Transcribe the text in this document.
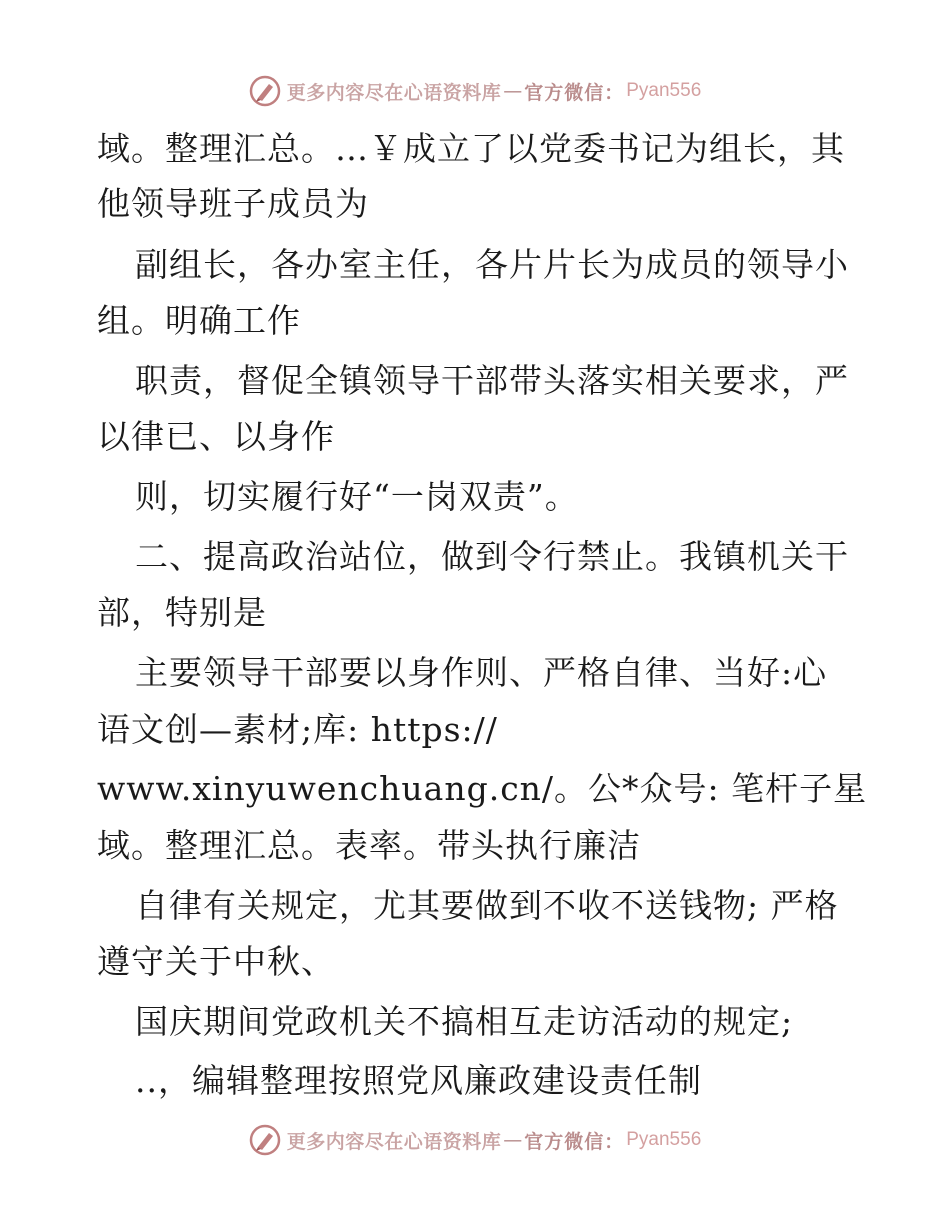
更多内容尽在心语资料库 — 官方微信： Pyan556
域。整理汇总。…￥成立了以党委书记为组长，其
他领导班子成员为
副组长，各办室主任，各片片长为成员的领导小
组。明确工作
职责，督促全镇领导干部带头落实相关要求，严
以律已、以身作
则，切实履行好“一岗双责”。
二、提高政治站位，做到令行禁止。我镇机关干
部，特别是
主要领导干部要以身作则、严格自律、当好:心
语文创—素材;库: https://
www.xinyuwenchuang.cn/。公*众号: 笔杆子星
域。整理汇总。表率。带头执行廉洁
自律有关规定，尤其要做到不收不送钱物; 严格
遵守关于中秋、
国庆期间党政机关不搞相互走访活动的规定;
..，编辑整理按照党风廉政建设责任制
更多内容尽在心语资料库 — 官方微信： Pyan556
